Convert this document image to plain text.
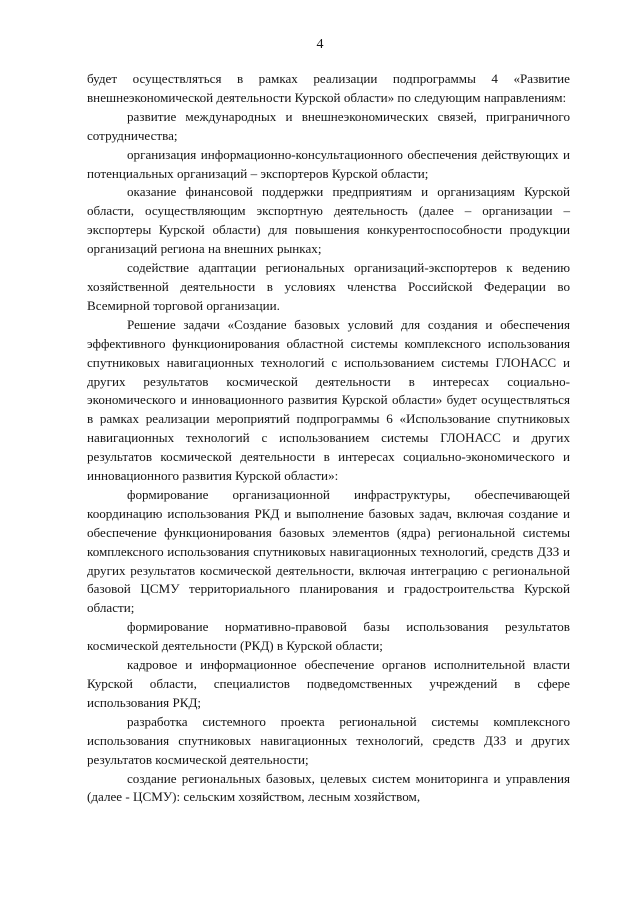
4

будет осуществляться в рамках реализации подпрограммы 4 «Развитие внешнеэкономической деятельности Курской области» по следующим направлениям:

развитие международных и внешнеэкономических связей, приграничного сотрудничества;

организация информационно-консультационного обеспечения действующих и потенциальных организаций – экспортеров Курской области;

оказание финансовой поддержки предприятиям и организациям Курской области, осуществляющим экспортную деятельность (далее – организации – экспортеры Курской области) для повышения конкурентоспособности продукции организаций региона на внешних рынках;

содействие адаптации региональных организаций-экспортеров к ведению хозяйственной деятельности в условиях членства Российской Федерации во Всемирной торговой организации.

Решение задачи «Создание базовых условий для создания и обеспечения эффективного функционирования областной системы комплексного использования спутниковых навигационных технологий с использованием системы ГЛОНАСС и других результатов космической деятельности в интересах социально-экономического и инновационного развития Курской области» будет осуществляться в рамках реализации мероприятий подпрограммы 6 «Использование спутниковых навигационных технологий с использованием системы ГЛОНАСС и других результатов космической деятельности в интересах социально-экономического и инновационного развития Курской области»:

формирование организационной инфраструктуры, обеспечивающей координацию использования РКД и выполнение базовых задач, включая создание и обеспечение функционирования базовых элементов (ядра) региональной системы комплексного использования спутниковых навигационных технологий, средств ДЗЗ и других результатов космической деятельности, включая интеграцию с региональной базовой ЦСМУ территориального планирования и градостроительства Курской области;

формирование нормативно-правовой базы использования результатов космической деятельности (РКД) в Курской области;

кадровое и информационное обеспечение органов исполнительной власти Курской области, специалистов подведомственных учреждений в сфере использования РКД;

разработка системного проекта региональной системы комплексного использования спутниковых навигационных технологий, средств ДЗЗ и других результатов космической деятельности;

создание региональных базовых, целевых систем мониторинга и управления (далее - ЦСМУ): сельским хозяйством, лесным хозяйством,
